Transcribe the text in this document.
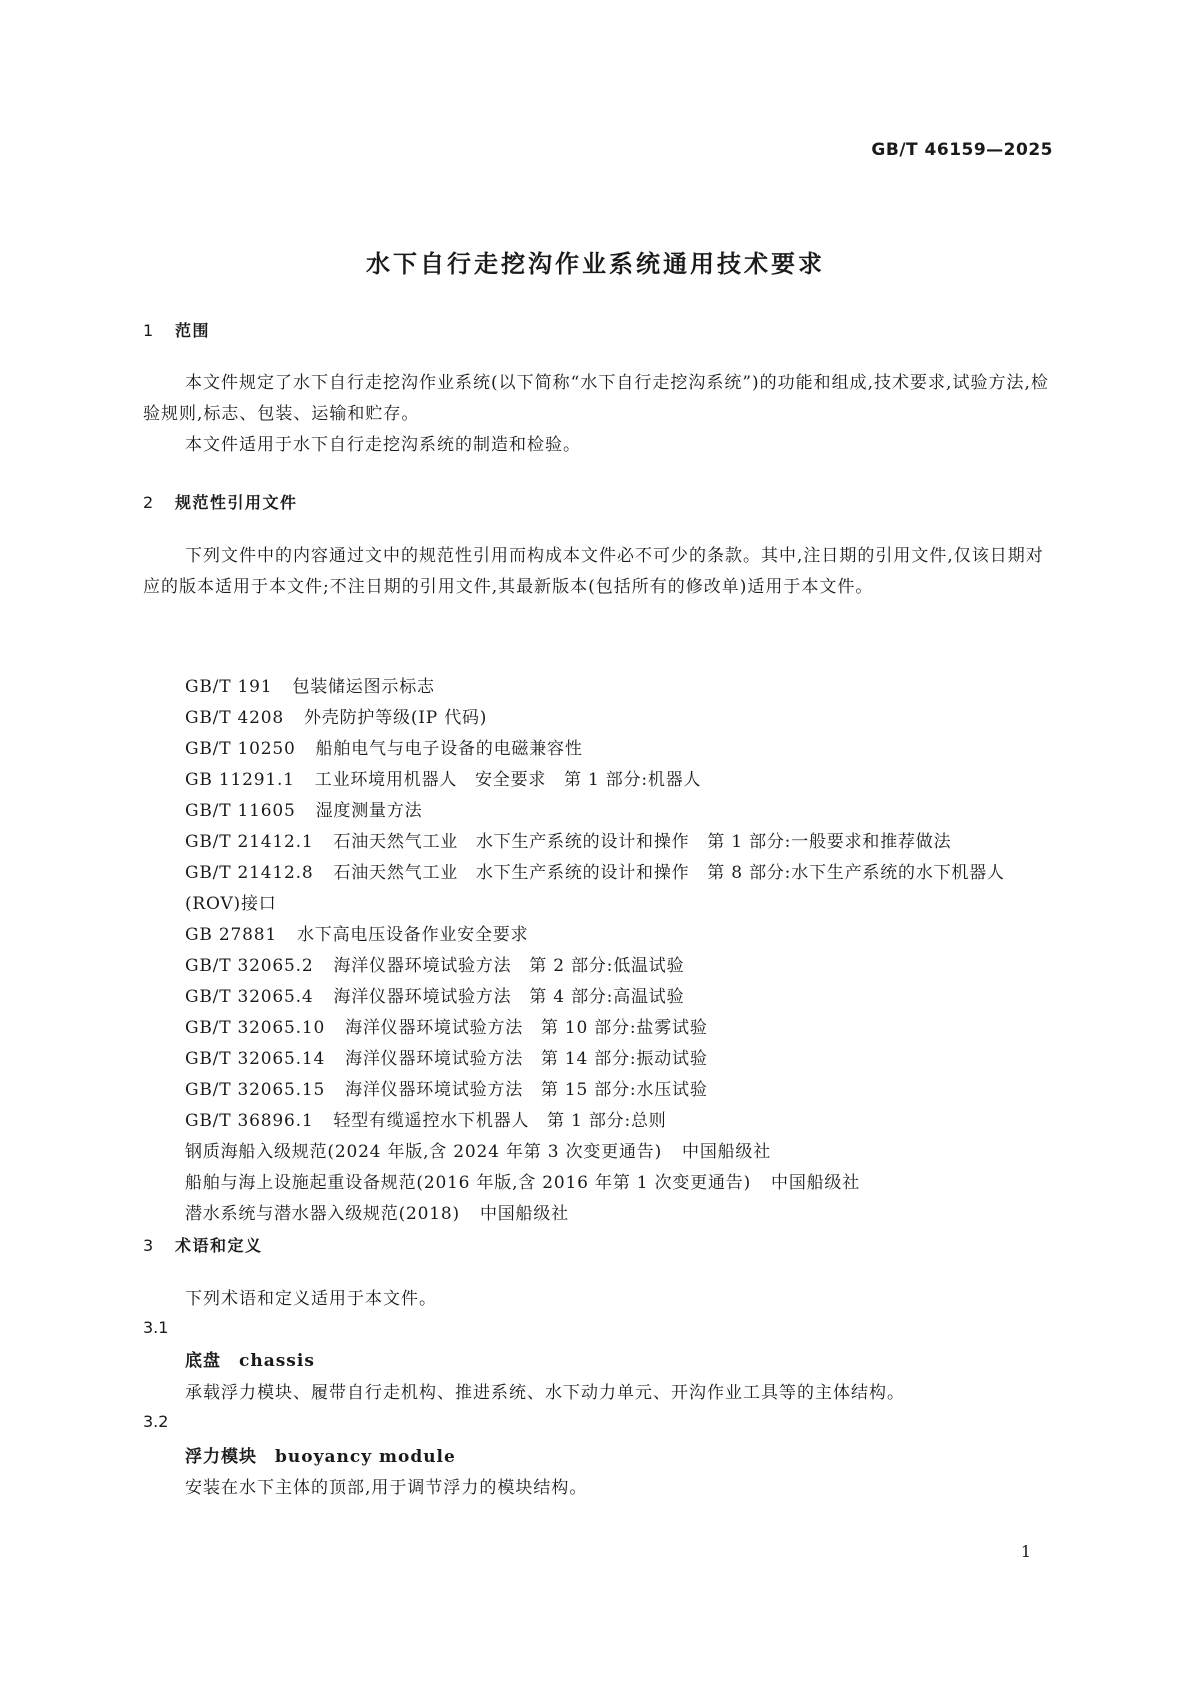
GB/T 46159—2025
水下自行走挖沟作业系统通用技术要求
1 范围
本文件规定了水下自行走挖沟作业系统(以下简称“水下自行走挖沟系统”)的功能和组成,技术要求,试验方法,检验规则,标志、包装、运输和贮存。
本文件适用于水下自行走挖沟系统的制造和检验。
2 规范性引用文件
下列文件中的内容通过文中的规范性引用而构成本文件必不可少的条款。其中,注日期的引用文件,仅该日期对应的版本适用于本文件;不注日期的引用文件,其最新版本(包括所有的修改单)适用于本文件。
GB/T 191 包装储运图示标志
GB/T 4208 外壳防护等级(IP 代码)
GB/T 10250 船舶电气与电子设备的电磁兼容性
GB 11291.1 工业环境用机器人　安全要求　第 1 部分:机器人
GB/T 11605 湿度测量方法
GB/T 21412.1 石油天然气工业　水下生产系统的设计和操作　第 1 部分:一般要求和推荐做法
GB/T 21412.8 石油天然气工业　水下生产系统的设计和操作　第 8 部分:水下生产系统的水下机器人(ROV)接口
GB 27881 水下高电压设备作业安全要求
GB/T 32065.2 海洋仪器环境试验方法　第 2 部分:低温试验
GB/T 32065.4 海洋仪器环境试验方法　第 4 部分:高温试验
GB/T 32065.10 海洋仪器环境试验方法　第 10 部分:盐雾试验
GB/T 32065.14 海洋仪器环境试验方法　第 14 部分:振动试验
GB/T 32065.15 海洋仪器环境试验方法　第 15 部分:水压试验
GB/T 36896.1 轻型有缆遥控水下机器人　第 1 部分:总则
钢质海船入级规范(2024 年版,含 2024 年第 3 次变更通告) 中国船级社
船舶与海上设施起重设备规范(2016 年版,含 2016 年第 1 次变更通告) 中国船级社
潜水系统与潜水器入级规范(2018) 中国船级社
3 术语和定义
下列术语和定义适用于本文件。
3.1
底盘 chassis
承载浮力模块、履带自行走机构、推进系统、水下动力单元、开沟作业工具等的主体结构。
3.2
浮力模块 buoyancy module
安装在水下主体的顶部,用于调节浮力的模块结构。
1
